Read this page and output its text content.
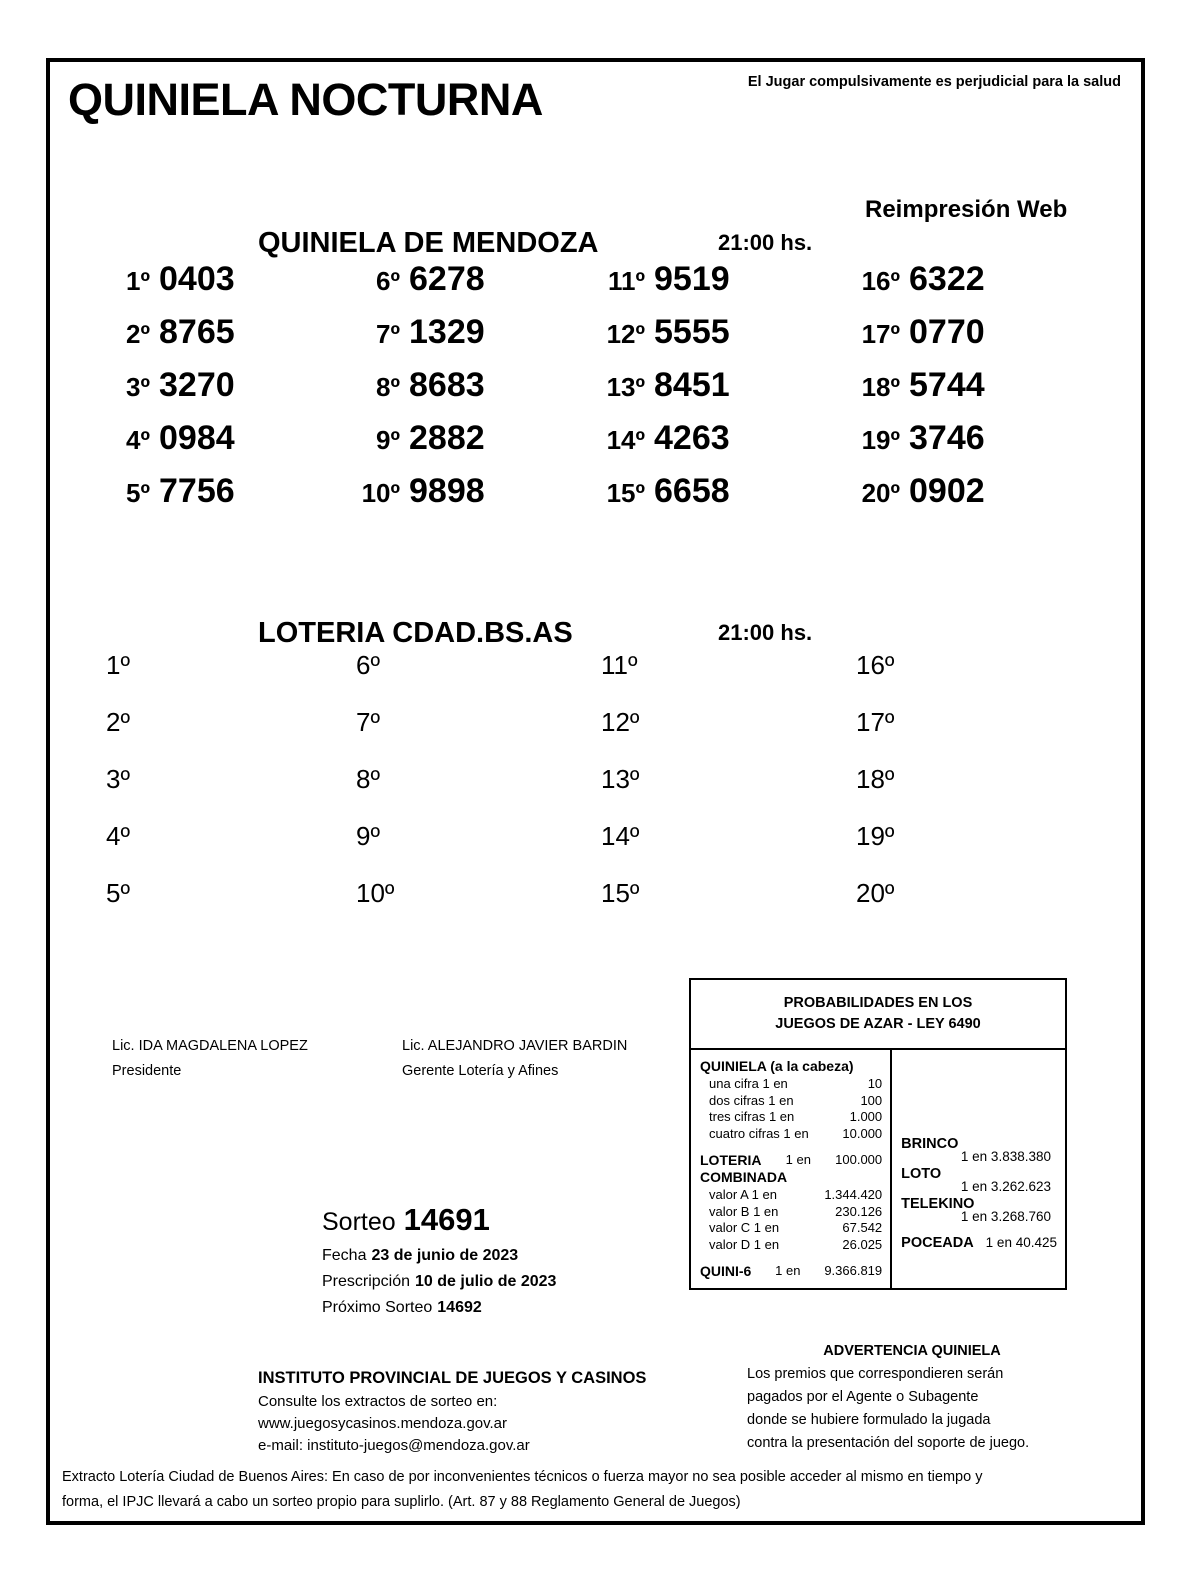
QUINIELA NOCTURNA	El Jugar compulsivamente es perjudicial para la salud
QUINIELA DE MENDOZA	21:00 hs.
Reimpresión Web
1º 0403	6º 6278	11º 9519	16º 6322
2º 8765	7º 1329	12º 5555	17º 0770
3º 3270	8º 8683	13º 8451	18º 5744
4º 0984	9º 2882	14º 4263	19º 3746
5º 7756	10º 9898	15º 6658	20º 0902
LOTERIA CDAD.BS.AS	21:00 hs.
1º	6º	11º	16º
2º	7º	12º	17º
3º	8º	13º	18º
4º	9º	14º	19º
5º	10º	15º	20º
Lic. IDA MAGDALENA LOPEZ	Lic. ALEJANDRO JAVIER BARDIN
Presidente	Gerente Lotería y Afines
Sorteo 14691
Fecha 23 de junio de 2023
Prescripción 10 de julio de 2023
Próximo Sorteo 14692
PROBABILIDADES EN LOS
JUEGOS DE AZAR - LEY 6490
QUINIELA (a la cabeza)
una cifra 1 en	10
dos cifras 1 en	100
tres cifras 1 en	1.000
cuatro cifras 1 en	10.000
LOTERIA 1 en 100.000
COMBINADA
valor A 1 en	1.344.420
valor B 1 en	230.126
valor C 1 en	67.542
valor D 1 en	26.025
QUINI-6 1 en 9.366.819
BRINCO
1 en 3.838.380
LOTO
1 en 3.262.623
TELEKINO
1 en 3.268.760
POCEADA 1 en 40.425
ADVERTENCIA QUINIELA
Los premios que correspondieren serán
pagados por el Agente o Subagente
donde se hubiere formulado la jugada
contra la presentación del soporte de juego.
INSTITUTO PROVINCIAL DE JUEGOS Y CASINOS
Consulte los extractos de sorteo en:
www.juegosycasinos.mendoza.gov.ar
e-mail: instituto-juegos@mendoza.gov.ar
Extracto Lotería Ciudad de Buenos Aires: En caso de por inconvenientes técnicos o fuerza mayor no sea posible acceder al mismo en tiempo y
forma, el IPJC llevará a cabo un sorteo propio para suplirlo. (Art. 87 y 88 Reglamento General de Juegos)
